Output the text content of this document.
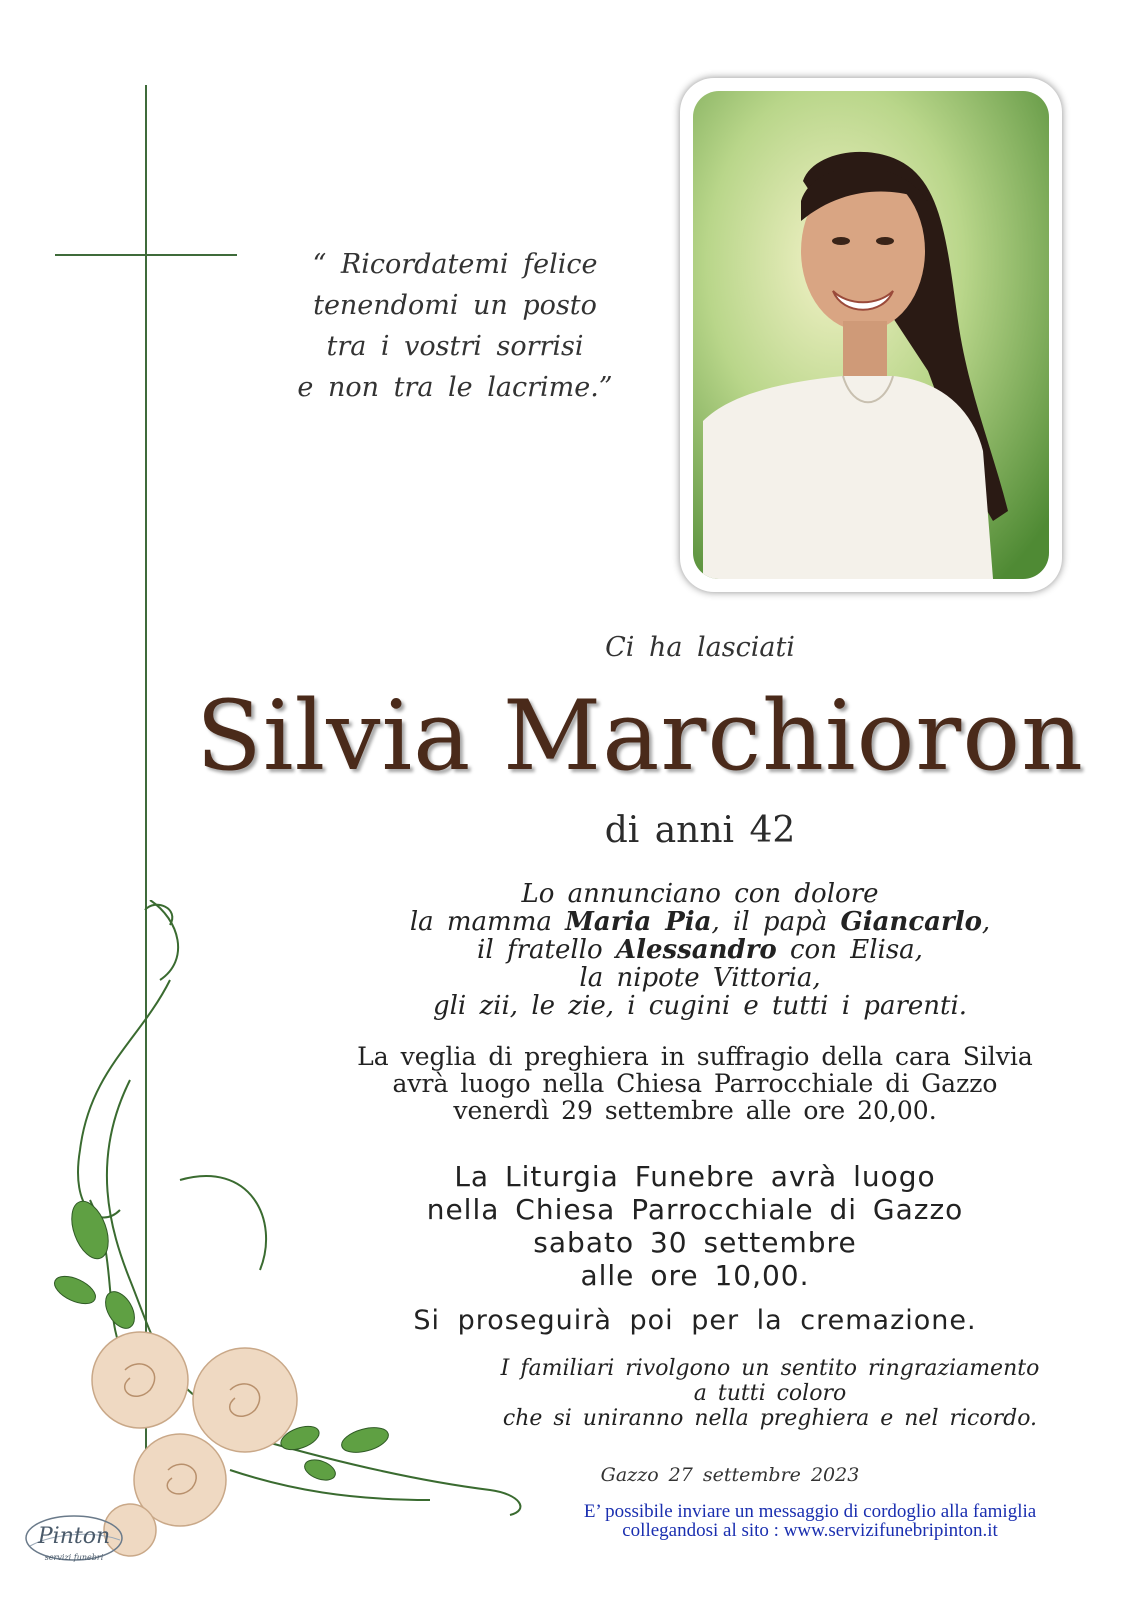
“ Ricordatemi felice
tenendomi un posto
tra i vostri sorrisi
e non tra le lacrime.”
Ci ha lasciati
Silvia Marchioron
di anni 42
Lo annunciano con dolore
la mamma Maria Pia, il papà Giancarlo,
il fratello Alessandro con Elisa,
la nipote Vittoria,
gli zii, le zie, i cugini e tutti i parenti.
La veglia di preghiera in suffragio della cara Silvia
avrà luogo nella Chiesa Parrocchiale di Gazzo
venerdì 29 settembre alle ore 20,00.
La Liturgia Funebre avrà luogo
nella Chiesa Parrocchiale di Gazzo
sabato 30 settembre
alle ore 10,00.
Si proseguirà poi per la cremazione.
I familiari rivolgono un sentito ringraziamento
a tutti coloro
che si uniranno nella preghiera e nel ricordo.
Gazzo 27 settembre 2023
E’ possibile inviare un messaggio di cordoglio alla famiglia
collegandosi al sito : www.servizifunebripinton.it
Pinton
servizi funebri
